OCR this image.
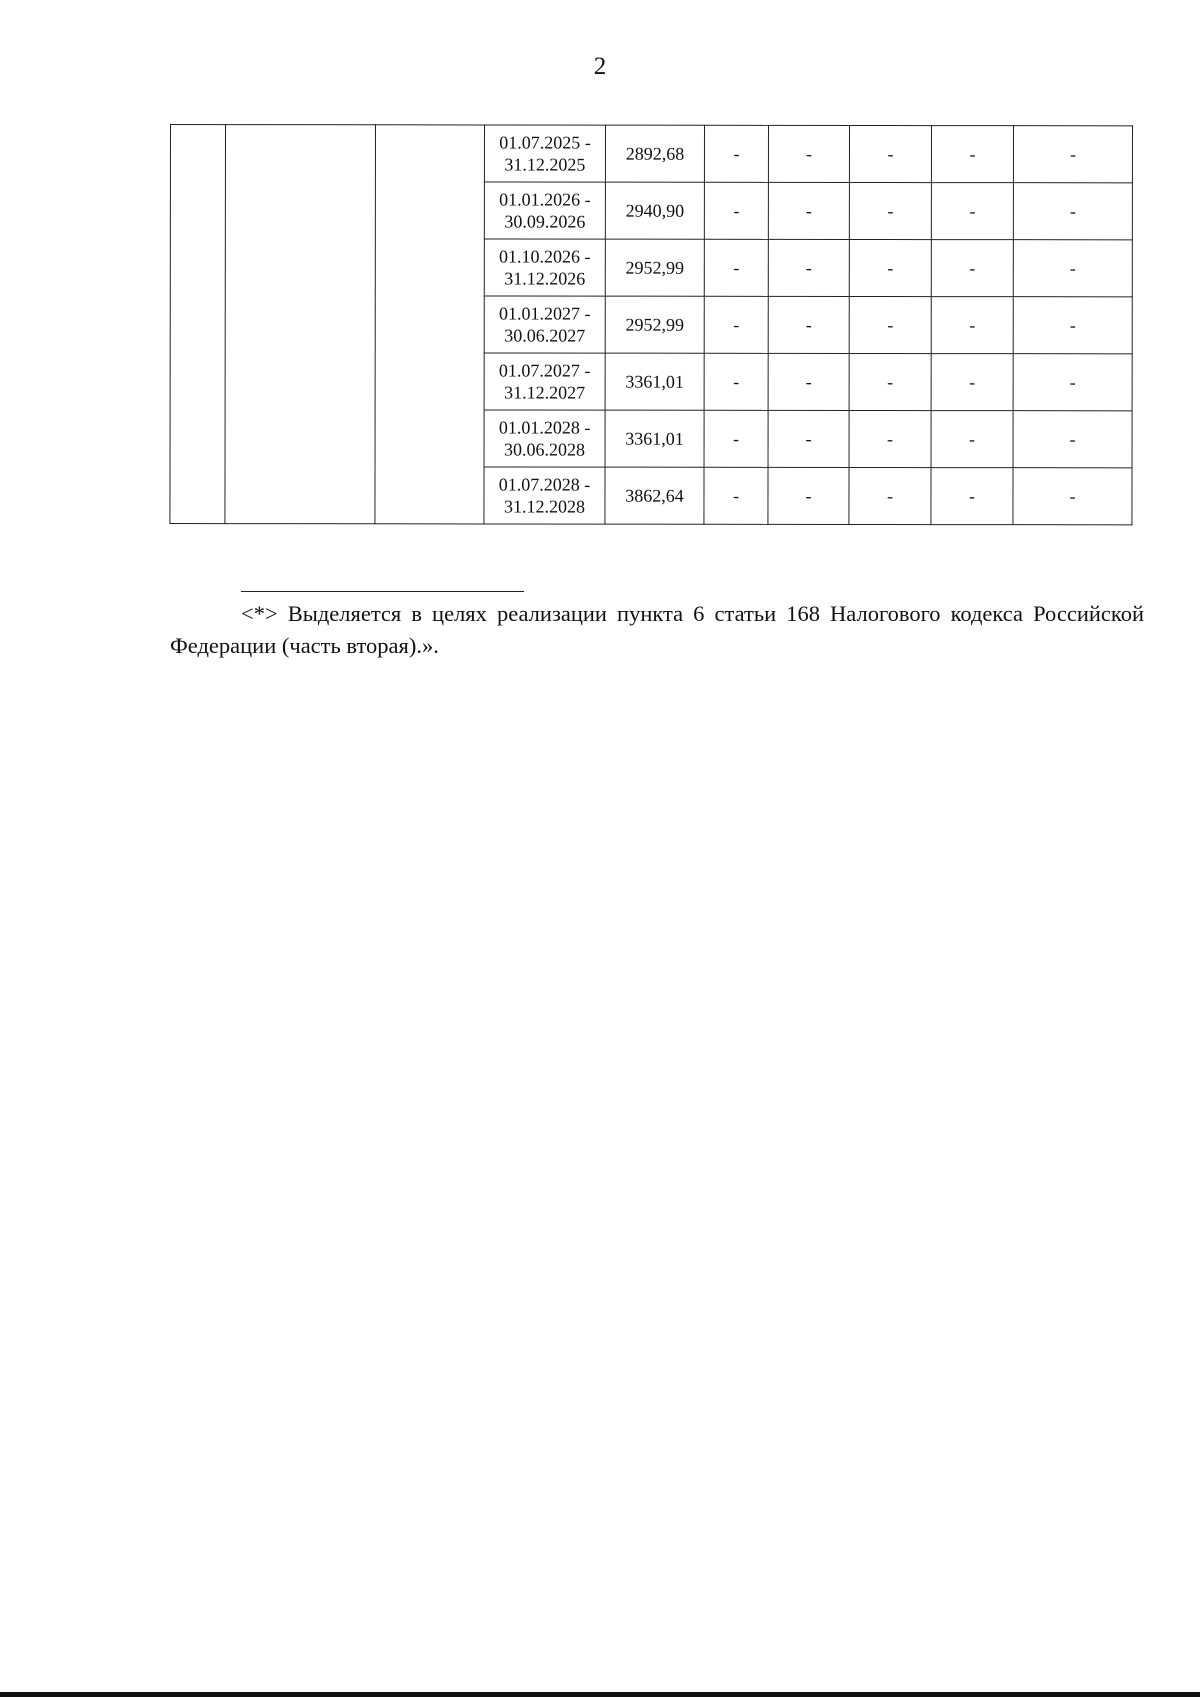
2

			01.07.2025 -
31.12.2025	2892,68	-	-	-	-	-

			01.01.2026 -
30.09.2026	2940,90	-	-	-	-	-

			01.10.2026 -
31.12.2026	2952,99	-	-	-	-	-

			01.01.2027 -
30.06.2027	2952,99	-	-	-	-	-

			01.07.2027 -
31.12.2027	3361,01	-	-	-	-	-

			01.01.2028 -
30.06.2028	3361,01	-	-	-	-	-

			01.07.2028 -
31.12.2028	3862,64	-	-	-	-	-

<*> Выделяется в целях реализации пункта 6 статьи 168 Налогового кодекса Российской Федерации (часть вторая).».
